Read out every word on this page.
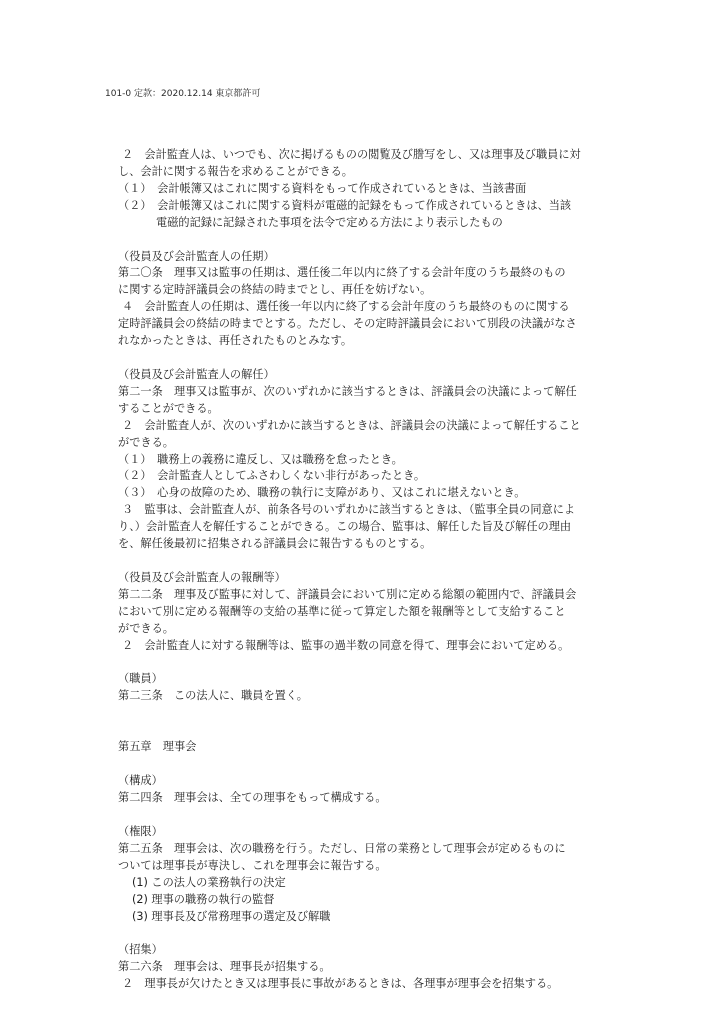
101-0 定款：2020.12.14 東京都許可

２　会計監査人は、いつでも、次に掲げるものの閲覧及び謄写をし、又は理事及び職員に対

し、会計に関する報告を求めることができる。

（１）　会計帳簿又はこれに関する資料をもって作成されているときは、当該書面

（２）　会計帳簿又はこれに関する資料が電磁的記録をもって作成されているときは、当該

電磁的記録に記録された事項を法令で定める方法により表示したもの

（役員及び会計監査人の任期）

第二〇条　理事又は監事の任期は、選任後二年以内に終了する会計年度のうち最終のもの

に関する定時評議員会の終結の時までとし、再任を妨げない。

４　会計監査人の任期は、選任後一年以内に終了する会計年度のうち最終のものに関する

定時評議員会の終結の時までとする。ただし、その定時評議員会において別段の決議がなさ

れなかったときは、再任されたものとみなす。

（役員及び会計監査人の解任）

第二一条　理事又は監事が、次のいずれかに該当するときは、評議員会の決議によって解任

することができる。

２　会計監査人が、次のいずれかに該当するときは、評議員会の決議によって解任すること

ができる。

（１）　職務上の義務に違反し、又は職務を怠ったとき。

（２）　会計監査人としてふさわしくない非行があったとき。

（３）　心身の故障のため、職務の執行に支障があり、又はこれに堪えないとき。

３　監事は、会計監査人が、前条各号のいずれかに該当するときは、（監事全員の同意によ

り、）会計監査人を解任することができる。この場合、監事は、解任した旨及び解任の理由

を、解任後最初に招集される評議員会に報告するものとする。

（役員及び会計監査人の報酬等）

第二二条　理事及び監事に対して、評議員会において別に定める総額の範囲内で、評議員会

において別に定める報酬等の支給の基準に従って算定した額を報酬等として支給すること

ができる。

２　会計監査人に対する報酬等は、監事の過半数の同意を得て、理事会において定める。

（職員）

第二三条　この法人に、職員を置く。

第五章　理事会

（構成）

第二四条　理事会は、全ての理事をもって構成する。

（権限）

第二五条　理事会は、次の職務を行う。ただし、日常の業務として理事会が定めるものに

ついては理事長が専決し、これを理事会に報告する。

(1) この法人の業務執行の決定

(2) 理事の職務の執行の監督

(3) 理事長及び常務理事の選定及び解職

（招集）

第二六条　理事会は、理事長が招集する。

２　理事長が欠けたとき又は理事長に事故があるときは、各理事が理事会を招集する。
